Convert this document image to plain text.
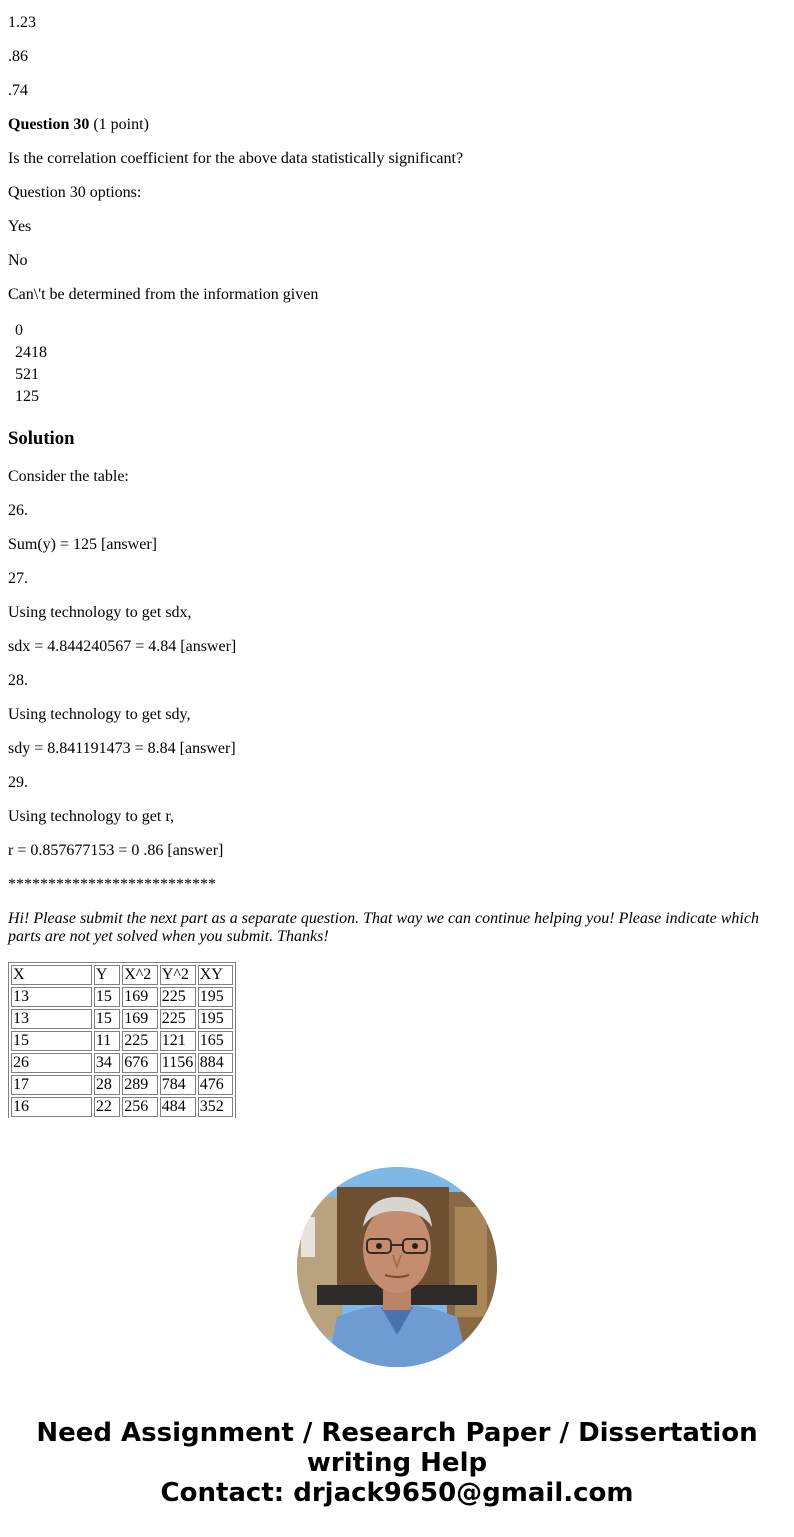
1.23

.86

.74

Question 30 (1 point)

Is the correlation coefficient for the above data statistically significant?

Question 30 options:

Yes

No

Can\'t be determined from the information given

0
2418
521
125
Solution

Consider the table:

26.

Sum(y) = 125 [answer]

27.

Using technology to get sdx,

sdx = 4.844240567 = 4.84 [answer]

28.

Using technology to get sdy,

sdy = 8.841191473 = 8.84 [answer]

29.

Using technology to get r,

r = 0.857677153 = 0 .86 [answer]

**************************

Hi! Please submit the next part as a separate question. That way we can continue helping you! Please indicate which parts are not yet solved when you submit. Thanks!

X	Y	X^2	Y^2	XY
13	15	169	225	195
13	15	169	225	195
15	11	225	121	165
26	34	676	1156	884
17	28	289	784	476
16	22	256	484	352

Need Assignment / Research Paper / Dissertation
writing Help
Contact: drjack9650@gmail.com
